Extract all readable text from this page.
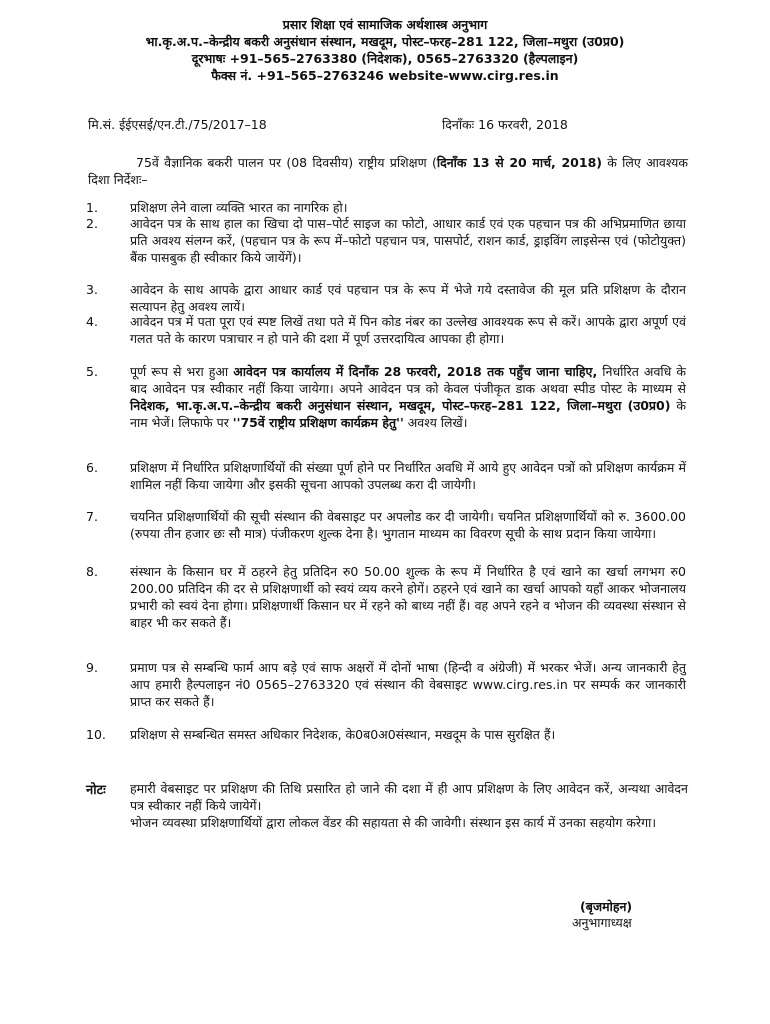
प्रसार शिक्षा एवं सामाजिक अर्थशास्त्र अनुभाग
भा.कृ.अ.प.–केन्द्रीय बकरी अनुसंधान संस्थान, मखदूम, पोस्ट–फरह–281 122, जिला–मथुरा (उ0प्र0)
दूरभाषः +91–565–2763380 (निदेशक), 0565–2763320 (हैल्पलाइन)
फैक्स नं. +91–565–2763246 website-www.cirg.res.in
मि.सं. ईईएसई/एन.टी./75/2017–18	दिनाँकः 16 फरवरी, 2018
75वें वैज्ञानिक बकरी पालन पर (08 दिवसीय) राष्ट्रीय प्रशिक्षण (दिनाँक 13 से 20 मार्च, 2018) के लिए आवश्यक दिशा निर्देशः–
1.	प्रशिक्षण लेने वाला व्यक्ति भारत का नागरिक हो।
2.	आवेदन पत्र के साथ हाल का खिचा दो पास–पोर्ट साइज का फोटो, आधार कार्ड एवं एक पहचान पत्र की अभिप्रमाणित छाया प्रति अवश्य संलग्न करें, (पहचान पत्र के रूप में–फोटो पहचान पत्र, पासपोर्ट, राशन कार्ड, ड्राइविंग लाइसेन्स एवं (फोटोयुक्त) बैंक पासबुक ही स्वीकार किये जायेंगें)।
3.	आवेदन के साथ आपके द्वारा आधार कार्ड एवं पहचान पत्र के रूप में भेजे गये दस्तावेज की मूल प्रति प्रशिक्षण के दौरान सत्यापन हेतु अवश्य लायें।
4.	आवेदन पत्र में पता पूरा एवं स्पष्ट लिखें तथा पते में पिन कोड नंबर का उल्लेख आवश्यक रूप से करें। आपके द्वारा अपूर्ण एवं गलत पते के कारण पत्राचार न हो पाने की दशा में पूर्ण उत्तरदायित्व आपका ही होगा।
5.	पूर्ण रूप से भरा हुआ आवेदन पत्र कार्यालय में दिनाँक 28 फरवरी, 2018 तक पहुँच जाना चाहिए, निर्धारित अवधि के बाद आवेदन पत्र स्वीकार नहीं किया जायेगा। अपने आवेदन पत्र को केवल पंजीकृत डाक अथवा स्पीड पोस्ट के माध्यम से निदेशक, भा.कृ.अ.प.–केन्द्रीय बकरी अनुसंधान संस्थान, मखदूम, पोस्ट–फरह–281 122, जिला–मथुरा (उ0प्र0) के नाम भेजें। लिफाफे पर ''75वें राष्ट्रीय प्रशिक्षण कार्यक्रम हेतु'' अवश्य लिखें।
6.	प्रशिक्षण में निर्धारित प्रशिक्षणार्थियों की संख्या पूर्ण होने पर निर्धारित अवधि में आये हुए आवेदन पत्रों को प्रशिक्षण कार्यक्रम में शामिल नहीं किया जायेगा और इसकी सूचना आपको उपलब्ध करा दी जायेगी।
7.	चयनित प्रशिक्षणार्थियों की सूची संस्थान की वेबसाइट पर अपलोड कर दी जायेगी। चयनित प्रशिक्षणार्थियों को रु. 3600.00 (रुपया तीन हजार छः सौ मात्र) पंजीकरण शुल्क देना है। भुगतान माध्यम का विवरण सूची के साथ प्रदान किया जायेगा।
8.	संस्थान के किसान घर में ठहरने हेतु प्रतिदिन रु0 50.00 शुल्क के रूप में निर्धारित है एवं खाने का खर्चा लगभग रु0 200.00 प्रतिदिन की दर से प्रशिक्षणार्थी को स्वयं व्यय करने होगें। ठहरने एवं खाने का खर्चा आपको यहाँ आकर भोजनालय प्रभारी को स्वयं देना होगा। प्रशिक्षणार्थी किसान घर में रहने को बाध्य नहीं हैं। वह अपने रहने व भोजन की व्यवस्था संस्थान से बाहर भी कर सकते हैं।
9.	प्रमाण पत्र से सम्बन्धि फार्म आप बड़े एवं साफ अक्षरों में दोनों भाषा (हिन्दी व अंग्रेजी) में भरकर भेजें। अन्य जानकारी हेतु आप हमारी हैल्पलाइन नं0 0565–2763320 एवं संस्थान की वेबसाइट www.cirg.res.in पर सम्पर्क कर जानकारी प्राप्त कर सकते हैं।
10. प्रशिक्षण से सम्बन्धित समस्त अधिकार निदेशक, के0ब0अ0संस्थान, मखदूम के पास सुरक्षित हैं।
नोटः हमारी वेबसाइट पर प्रशिक्षण की तिथि प्रसारित हो जाने की दशा में ही आप प्रशिक्षण के लिए आवेदन करें, अन्यथा आवेदन पत्र स्वीकार नहीं किये जायेगें।
भोजन व्यवस्था प्रशिक्षणार्थियों द्वारा लोकल वेंडर की सहायता से की जावेगी। संस्थान इस कार्य में उनका सहयोग करेगा।
(बृजमोहन)
अनुभागाध्यक्ष
